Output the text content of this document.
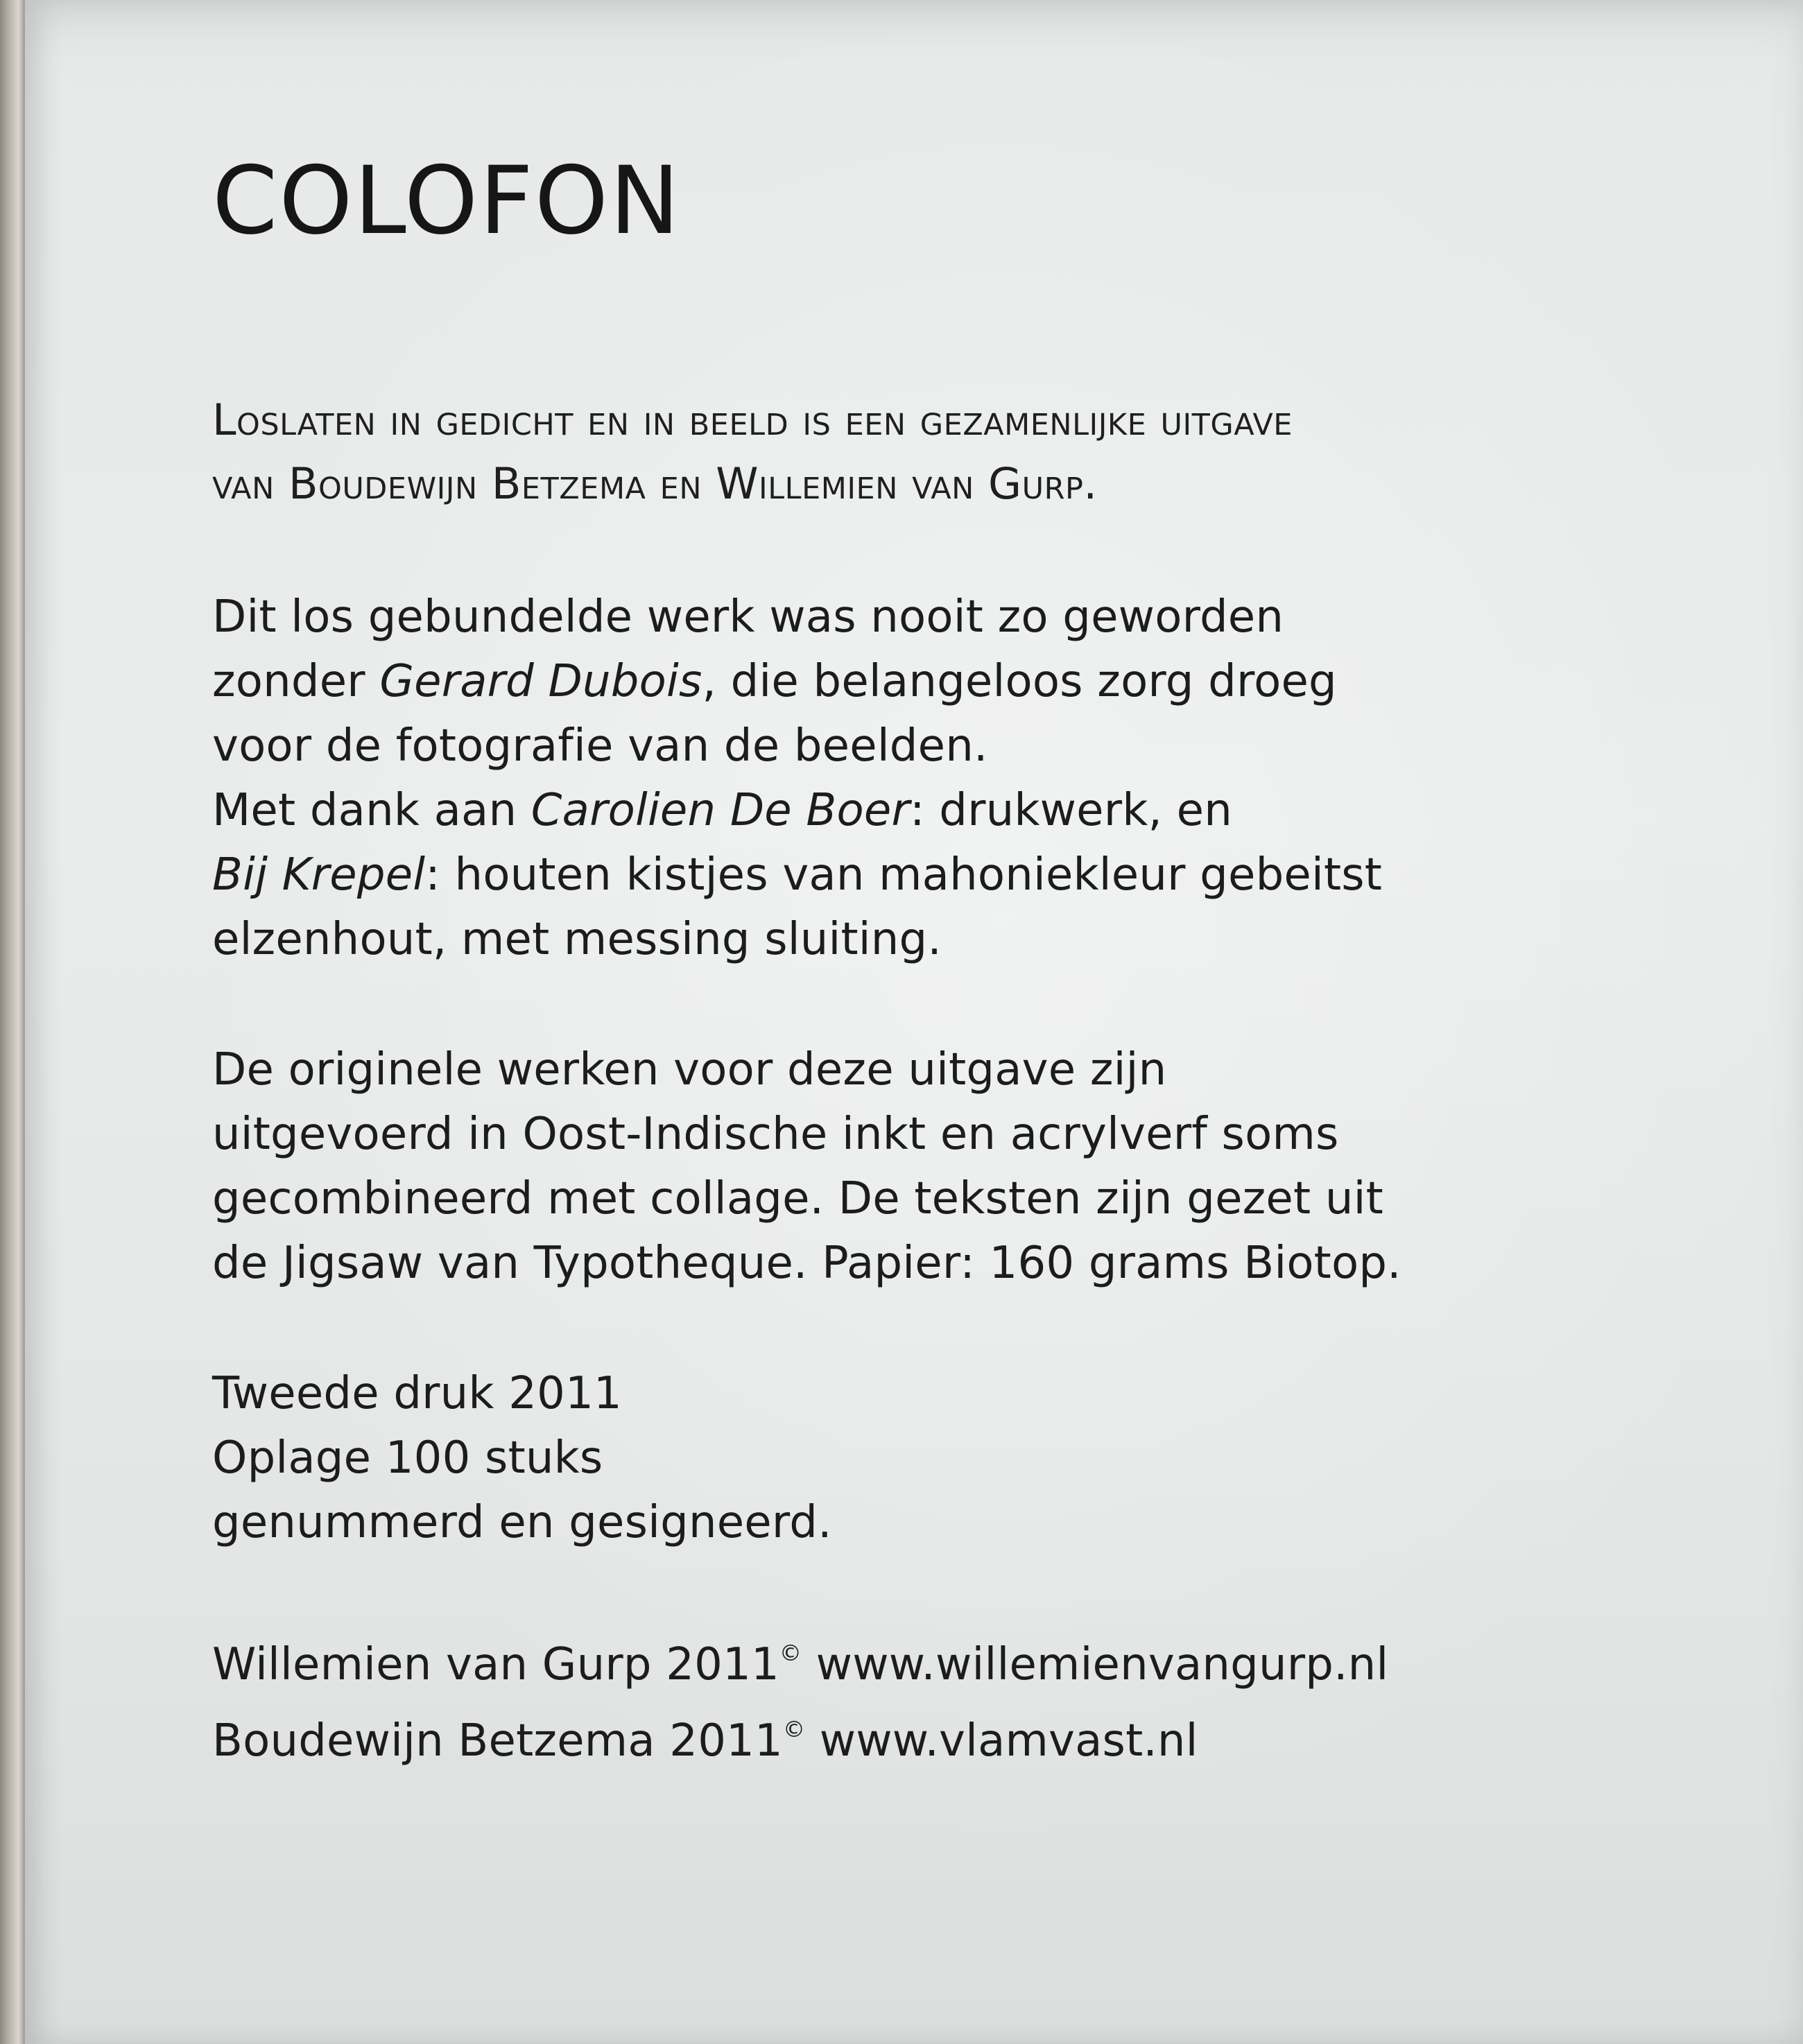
COLOFON
Loslaten in gedicht en in beeld is een gezamenlijke uitgave
van Boudewijn Betzema en Willemien van Gurp.
Dit los gebundelde werk was nooit zo geworden
zonder Gerard Dubois, die belangeloos zorg droeg
voor de fotografie van de beelden.
Met dank aan Carolien De Boer: drukwerk, en
Bij Krepel: houten kistjes van mahoniekleur gebeitst
elzenhout, met messing sluiting.
De originele werken voor deze uitgave zijn
uitgevoerd in Oost-Indische inkt en acrylverf soms
gecombineerd met collage. De teksten zijn gezet uit
de Jigsaw van Typotheque. Papier: 160 grams Biotop.
Tweede druk 2011
Oplage 100 stuks
genummerd en gesigneerd.
Willemien van Gurp 2011© www.willemienvangurp.nl
Boudewijn Betzema 2011© www.vlamvast.nl
